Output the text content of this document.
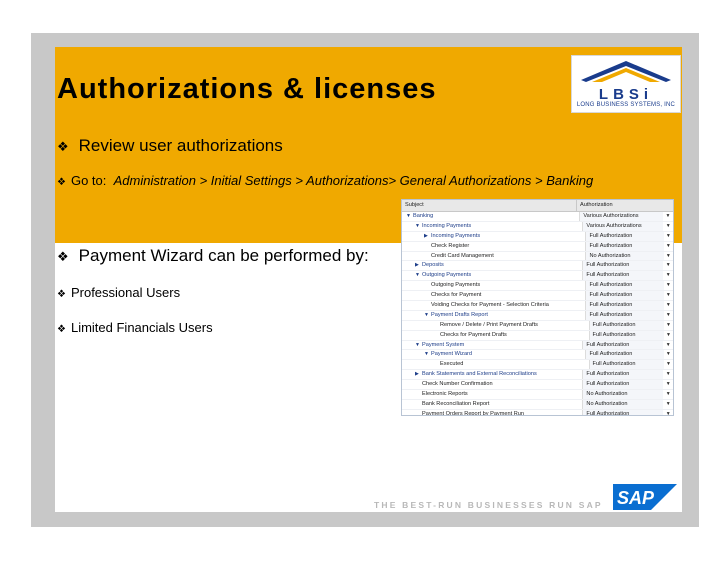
Authorizations & licenses	LBSi
LONG BUSINESS SYSTEMS, INC
❖ Review user authorizations
❖ Go to:  Administration > Initial Settings > Authorizations> General Authorizations > Banking
❖ Payment Wizard can be performed by:
❖ Professional Users
❖ Limited Financials Users
Subject	Authorization
▼ Banking	Various Authorizations	▼
▼ Incoming Payments	Various Authorizations	▼
▶ Incoming Payments	Full Authorization	▼
Check Register	Full Authorization	▼
Credit Card Management	No Authorization	▼
▶ Deposits	Full Authorization	▼
▼ Outgoing Payments	Full Authorization	▼
Outgoing Payments	Full Authorization	▼
Checks for Payment	Full Authorization	▼
Voiding Checks for Payment - Selection Criteria	Full Authorization	▼
▼ Payment Drafts Report	Full Authorization	▼
Remove / Delete / Print Payment Drafts	Full Authorization	▼
Checks for Payment Drafts	Full Authorization	▼
▼ Payment System	Full Authorization	▼
▼ Payment Wizard	Full Authorization	▼
Executed	Full Authorization	▼
▶ Bank Statements and External Reconciliations	Full Authorization	▼
Check Number Confirmation	Full Authorization	▼
Electronic Reports	No Authorization	▼
Bank Reconciliation Report	No Authorization	▼
Payment Orders Report by Payment Run	Full Authorization	▼
THE BEST-RUN BUSINESSES RUN SAP SAP
